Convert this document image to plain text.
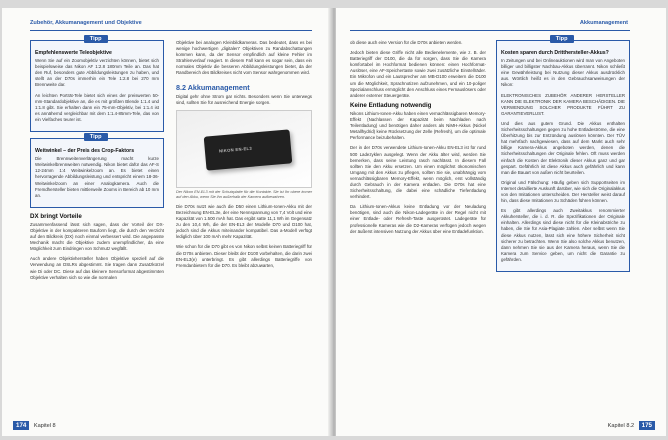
Zubehör, Akkumanagement und Objektive
Tipp
Empfehlenswerte Teleobjektive

Wenn Sie auf ein Zoomobjektiv verzichten können, bietet sich beispielsweise das Nikon AF 1:2.8 180mm Teile an. Das hat den Ruf, besonders gute Abbildungsleistungen zu haben, und stellt an der D70s immerhin ein Tele 1:2.8 bei 270 mm Brennweite dar.

An leichten Porträt-Tele bietet sich eines der preiswerten 50-mm-Standardobjektive an, die es mit größten Blende 1:1.4 und 1:1.8 gibt. Sie erhalten dann ein 75-mm-Objektiv, bei 1:1.4 ist es annähernd vergleichbar mit dem 1:1.4-85mm-Tele, das von ein Vielfaches teurer ist.

Tipp
Weitwinkel – der Preis des Crop-Faktors

Die Brennweitenverlängerung macht kurze Weitwinkelbrennweiten notwendig. Nikon bietet dafür das AF-S 12-24mm 1:4 Weitwinkelzoom an. Es bietet einen hervorragende Abbildungsleistung und entspricht einem 18-36-Weitwinkelzoom an einer Analogkamera. Auch die Fremdhersteller bieten mittlerweile Zooms in Bereich ab 10 mm an.

DX bringt Vorteile

Zusammenfassend lässt sich sagen, dass der Vorteil der DX-Objektive in der kompakteren Bauform liegt, die durch den Verzicht auf den Bildkreis (DX) noch einmal verbessert wird. Die angepasste Mechanik macht die Objektive zudem unempfindlicher, da eine Möglichkeit zum Eindringen von Schmutz wegfällt.

Auch andere Objektivhersteller haben Objektive speziell auf die Verwendung an DSLRs abgestimmt. Sie tragen dann Zusatzkürzel wie Di oder DC. Diese auf das kleinere Sensorformat abgestimmten Objektive verhalten sich so wie die normalen

Objektive bei analogen Kleinbildkameras. Das bedeutet, dass es bei wenige hochwertigen „digitalen“ Objektiven zu Randabschattungen kommen kann, da der Sensor empfindlich auf kleine Fehler im Strahlenverlauf reagiert. In diesem Fall kann es sogar sein, dass ein normales Objektiv die besseren Abbildungsleistungen bietet, da der Randbereich des Bildkreises nicht vom Sensor wahrgenommen wird.

8.2 Akkumanagement

Digital gehr ohne Strom gar nichts. Besonders wenn Sie unterwegs sind, sollten Sie für ausreichend Energie sorgen.

NIKON EN-EL3
Der Nikon EN-EL3 mit der Schutzplatte für die Kontakte. Sie ist Ihr obere immer auf den Akku, wenn Sie ihn außerhalb der Kamera aufbewahren.

Die D70s nutzt wie auch die D50 einen Lithium-Ionen-Akku mit der Bezeichnung EN-EL3e, der eine Nennspannung von 7,4 Volt und eine Kapazität von 1.500 mAh hat. Das ergibt satte 11,1 Wh im Gegensatz zu den 10,4 Wh, die der EN-EL3 der Modelle D70 und D100 hat, jedoch sind die Akkus miteinander kompatibel. Das a-Modell verfügt lediglich über 100 mAh mehr Kapazität.

Wie schon für die D70 gibt es von Nikon selbst keinen Batteriegriff für die D70s anbieten. Dieser bleibt der D100 vorbehalten, die darin zwei EN-EL3(e) unterbringt. Es gibt allerdings Batteriegriffe von Fremdanbietern für die D70. Es bleibt abzuwarten,

174 Kapitel 8
Akkumanagement

ob diese auch eine Version für die D70s anbieten werden.

Jedoch bieten diese Griffe nicht alle Bedienelemente, wie z. B. der Batteriegriff der D100, die da für sorgen, dass Sie die Kamera komfortabel im Hochformat bedienen können: einen Hochformat-Auslöser, eine AF-Speichertaste sowie zwei zusätzliche Einstellräder. Ein Mikrofon und ein Lautsprecher am MB-D100 erweitern die D100 um die Möglichkeit, Sprachnotizen aufzunehmen, und ein 10-poliger Spezialanschluss ermöglicht den Anschluss eines Fernauslösers oder anderer externer Steuergeräte.

Keine Entladung notwendig

Nikons Lithium-Ionen-Akku haben einen vernachlässigbaren Memory-Effekt (Nachlassen der Kapazität beim Nachladen nach Teilentladung) und benötigen daher anders als NiMH-Akkus (Nickel Metallhydrid) keine Rücksetzung der Zelle (Refresh), um die optimale Performance beizubehalten.

Der in der D70s verwendete Lithium-Ionen-Akku EN-EL3 ist für rund 500 Ladezyklen ausgelegt. Wenn der Akku älter wird, werden Sie bemerken, dass seine Leistung rasch nachlässt. In diesem Fall sollten Sie den Akku ersetzen. Um einen möglichst ökonomischen Umgang mit den Akkus zu pflegen, sollten Sie sie, unabhängig vom vernachlässigbaren Memory-Effekt, wenn möglich, erst vollständig durch Gebrauch in der Kamera entladen. Die D70s hat eine Sicherheitsschaltung, die dabei eine schädliche Tiefentladung verhindert.

Da Lithium-Ionen-Akkus keine Entladung vor der Neuladung benötigen, sind auch die Nikon-Ladegeräte in der Regel nicht mit einer Entlade- oder Refresh-Taste ausgerüstet. Ladegeräte für professionelle Kameras wie die D2-Kameras verfügen jedoch wegen der äußerst intensiven Nutzung der Akkus über eine Entladefunktion.

Tipp
Kosten sparen durch Dritthersteller-Akkus?

In Zeitungen und bei Onlineauktionen wird man von Angeboten billiger und billigster Nachbau-Akkus überrannt. Nikon schließt eine Gewährleistung bei Nutzung dieser Akkus ausdrücklich aus. Wörtlich heißt es in den Gebrauchsanweisungen der Nikon:

ELEKTRONISCHES ZUBEHÖR ANDERER HERSTELLER KANN DIE ELEKTRONIK DER KAMERA BESCHÄDIGEN. DIE VERWENDUNG SOLCHER PRODUKTE FÜHRT ZU GARANTIEVERLUST.

Und dies aus gutem Grund. Die Akkus enthalten Sicherheitsschaltungen gegen zu hohe Entladeströme, die eine Überhitzung bis zur Entzündung auslösen könnten. Der TÜV hat mehrfach nachgewiesen, dass auf dem Markt auch sehr billige Kamera-Akkus angeboten werden, denen die Sicherheitsschaltungen der Originale fehlen. Oft muss werden einfach die Kosten der Elektronik dieser Akkus ganz und gar gespart. Gefährlich ist diese Akkus auch gefährlich und kann man die Bauart von außen nicht beurteilen.

Original und Fälschung: Häufig geben sich Supportseiten im Internet detaillierte Auskunft darüber, wie sich die Originalakkus von den Imitationen unterscheiden. Der Hersteller weist darauf hin, dass diese Imitationen zu Schäden führen können.

Es gibt allerdings auch Zweitakkus renommierter Akkuhersteller, die i. d. R. die Spezifikationen der Originale einhalten. Allerdings sind diese nicht für die Kleinabstriche zu haben, die Sie für Asia-Plagiate zahlen. Aber selbst wenn Sie diese Akkus nutzen, lässt sich eine höhere Sicherheit nicht sicherer zu betrachten. Wenn Sie also solche Akkus benutzen, dann nehmen Sie sie aus der Kamera heraus, wenn Sie die Kamera zum Service geben, um nicht die Garantie zu gefährden.

Kapitel 8.2 175
